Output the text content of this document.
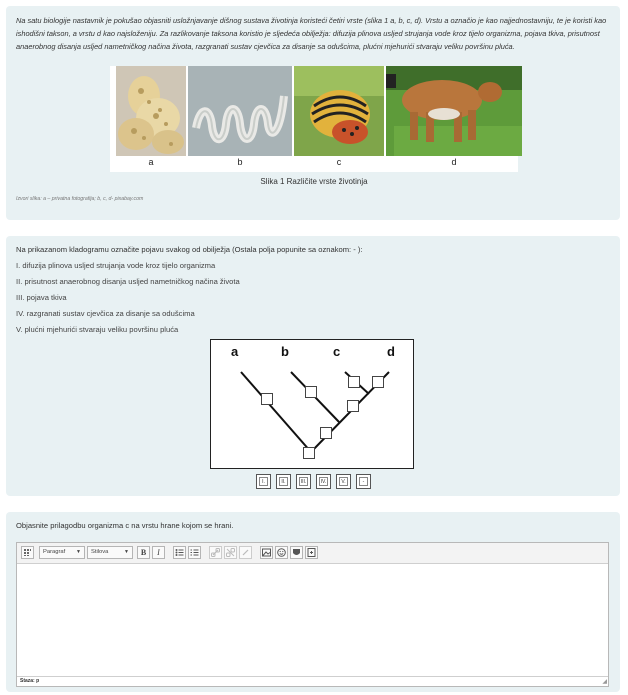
Na satu biologije nastavnik je pokušao objasniti usložnjavanje dišnog sustava životinja koristeći četiri vrste (slika 1 a, b, c, d). Vrstu a označio je kao najjednostavniju, te je koristi kao ishodišni takson, a vrstu d kao najsloženiju. Za razlikovanje taksona koristio je sljedeća obilježja: difuzija plinova usljed strujanja vode kroz tijelo organizma, pojava tkiva, prisutnost anaerobnog disanja usljed nametničkog načina života, razgranati sustav cjevčica za disanje sa odušcima, plućni mjehurići stvaraju veliku površinu pluća.

a	b	c	d
Slika 1 Različite vrste životinja
Izvori slika: a – privatna fotografija; b, c, d- pixabay.com

Na prikazanom kladogramu označite pojavu svakog od obilježja (Ostala polja popunite sa oznakom: - ):

I. difuzija plinova usljed strujanja vode kroz tijelo organizma
II. prisutnost anaerobnog disanja usljed nametničkog načina života
III. pojava tkiva
IV. razgranati sustav cjevčica za disanje sa odušcima
V. plućni mjehurići stvaraju veliku površinu pluća
a	b	c	d
I.	II.	III.	IV.	V.	-

Objasnite prilagodbu organizma c na vrstu hrane kojom se hrani.

Paragraf ▼	Stilova	▼	B	I
Staza: p	◢
